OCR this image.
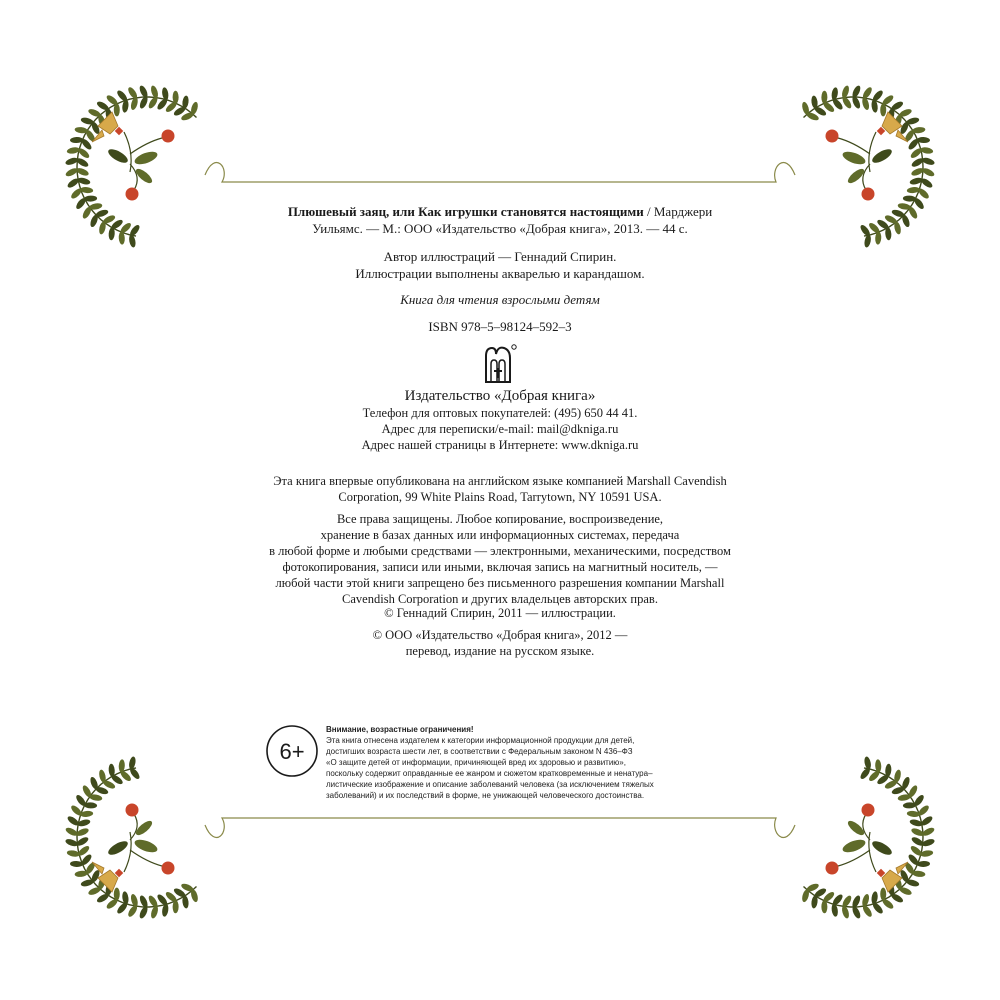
Плюшевый заяц, или Как игрушки становятся настоящими / Марджери
Уильямс. — М.: ООО «Издательство «Добрая книга», 2013. — 44 с.
Автор иллюстраций — Геннадий Спирин.
Иллюстрации выполнены акварелью и карандашом.
Книга для чтения взрослыми детям
ISBN 978–5–98124–592–3
Издательство «Добрая книга»
Телефон для оптовых покупателей: (495) 650 44 41.
Адрес для переписки/e-mail: mail@dkniga.ru
Адрес нашей страницы в Интернете: www.dkniga.ru
Эта книга впервые опубликована на английском языке компанией Marshall Cavendish
Corporation, 99 White Plains Road, Tarrytown, NY 10591 USA.
Все права защищены. Любое копирование, воспроизведение,
хранение в базах данных или информационных системах, передача
в любой форме и любыми средствами — электронными, механическими, посредством
фотокопирования, записи или иными, включая запись на магнитный носитель, —
любой части этой книги запрещено без письменного разрешения компании Marshall
Cavendish Corporation и других владельцев авторских прав.
© Геннадий Спирин, 2011 — иллюстрации.
© ООО «Издательство «Добрая книга», 2012 —
перевод, издание на русском языке.
6+
Внимание, возрастные ограничения!
Эта книга отнесена издателем к категории информационной продукции для детей,
достигших возраста шести лет, в соответствии с Федеральным законом N 436–ФЗ
«О защите детей от информации, причиняющей вред их здоровью и развитию»,
поскольку содержит оправданные ее жанром и сюжетом кратковременные и ненатура–
листические изображение и описание заболеваний человека (за исключением тяжелых
заболеваний) и их последствий в форме, не унижающей человеческого достоинства.
